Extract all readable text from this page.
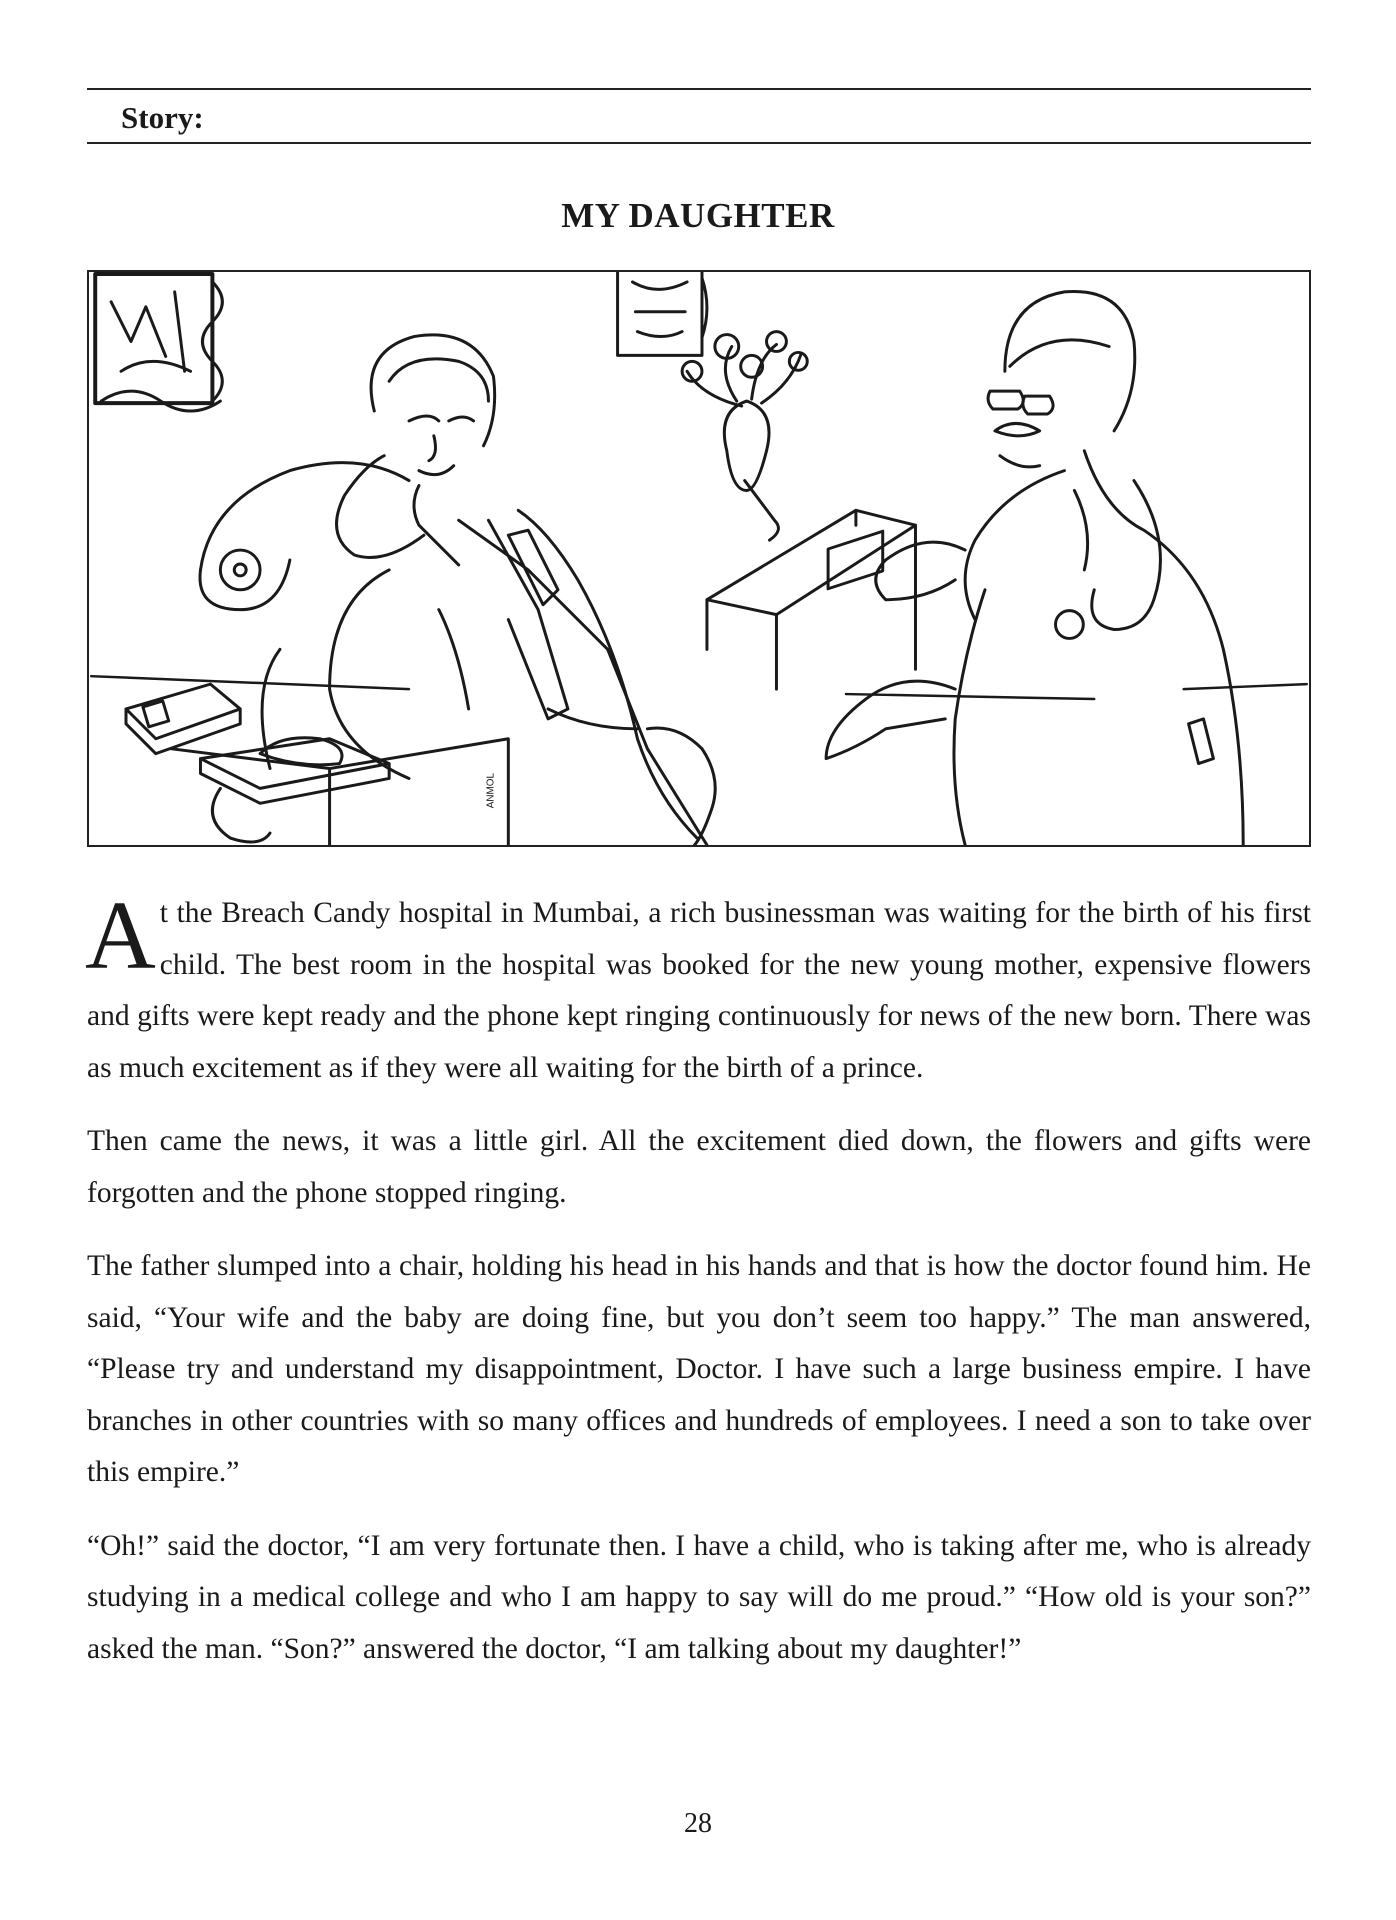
Story:
MY DAUGHTER
ANMOL

At the Breach Candy hospital in Mumbai, a rich businessman was waiting for the birth of his first child. The best room in the hospital was booked for the new young mother, expensive flowers and gifts were kept ready and the phone kept ringing continuously for news of the new born. There was as much excitement as if they were all waiting for the birth of a prince.

Then came the news, it was a little girl. All the excitement died down, the flowers and gifts were forgotten and the phone stopped ringing.

The father slumped into a chair, holding his head in his hands and that is how the doctor found him. He said, “Your wife and the baby are doing fine, but you don’t seem too happy.” The man answered, “Please try and understand my disappointment, Doctor. I have such a large business empire. I have branches in other countries with so many offices and hundreds of employees. I need a son to take over this empire.”

“Oh!” said the doctor, “I am very fortunate then. I have a child, who is taking after me, who is already studying in a medical college and who I am happy to say will do me proud.” “How old is your son?” asked the man. “Son?” answered the doctor, “I am talking about my daughter!”

28
